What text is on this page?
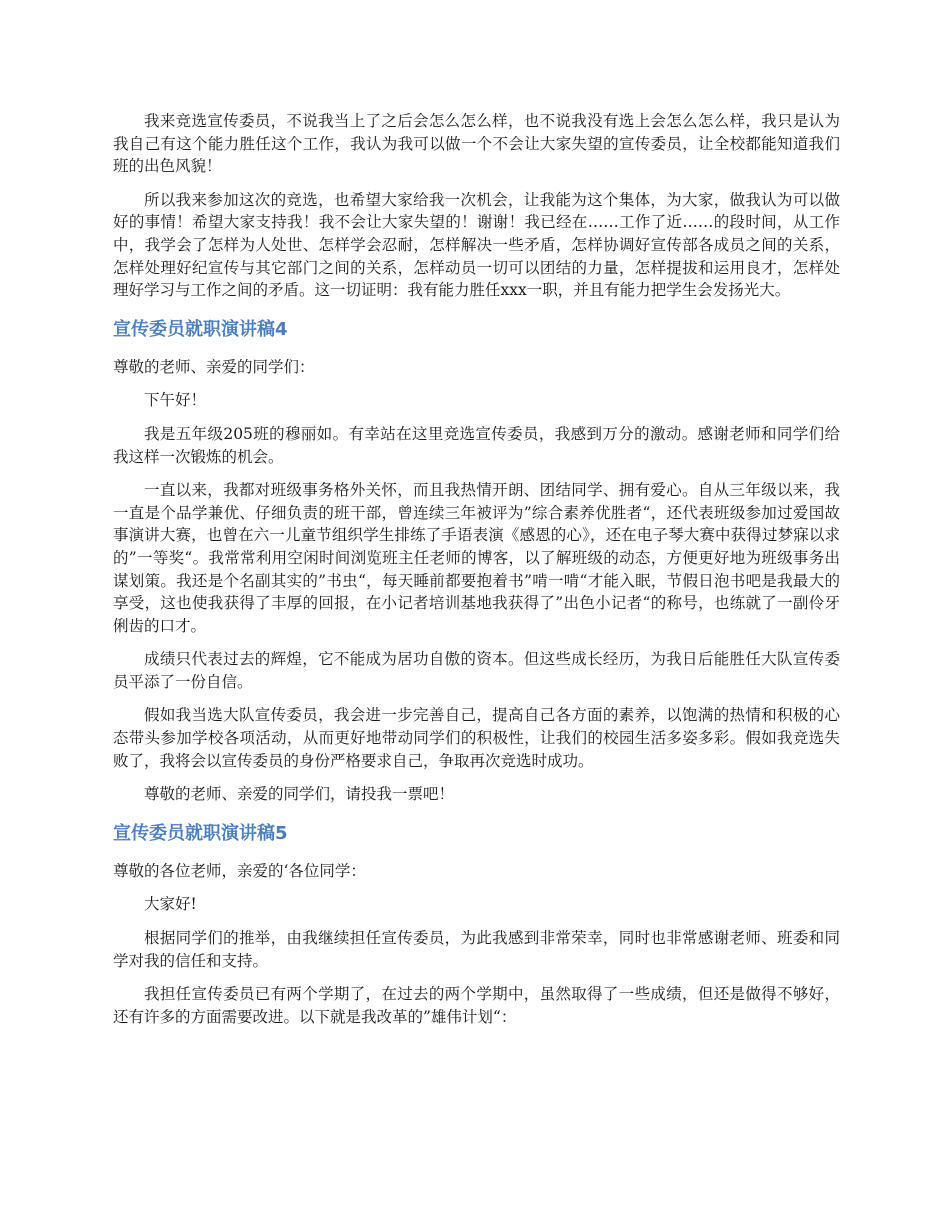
我来竞选宣传委员，不说我当上了之后会怎么怎么样，也不说我没有选上会怎么怎么样，我只是认为我自己有这个能力胜任这个工作，我认为我可以做一个不会让大家失望的宣传委员，让全校都能知道我们班的出色风貌！

所以我来参加这次的竞选，也希望大家给我一次机会，让我能为这个集体，为大家，做我认为可以做好的事情！希望大家支持我！我不会让大家失望的！谢谢！我已经在……工作了近……的段时间，从工作中，我学会了怎样为人处世、怎样学会忍耐，怎样解决一些矛盾，怎样协调好宣传部各成员之间的关系，怎样处理好纪宣传与其它部门之间的关系，怎样动员一切可以团结的力量，怎样提拔和运用良才，怎样处理好学习与工作之间的矛盾。这一切证明：我有能力胜任xxx一职，并且有能力把学生会发扬光大。

宣传委员就职演讲稿4

尊敬的老师、亲爱的同学们：

下午好！

我是五年级205班的穆丽如。有幸站在这里竞选宣传委员，我感到万分的激动。感谢老师和同学们给我这样一次锻炼的机会。

一直以来，我都对班级事务格外关怀，而且我热情开朗、团结同学、拥有爱心。自从三年级以来，我一直是个品学兼优、仔细负责的班干部，曾连续三年被评为”综合素养优胜者“，还代表班级参加过爱国故事演讲大赛，也曾在六一儿童节组织学生排练了手语表演《感恩的心》，还在电子琴大赛中获得过梦寐以求的”一等奖“。我常常利用空闲时间浏览班主任老师的博客，以了解班级的动态，方便更好地为班级事务出谋划策。我还是个名副其实的”书虫“，每天睡前都要抱着书”啃一啃“才能入眠，节假日泡书吧是我最大的享受，这也使我获得了丰厚的回报，在小记者培训基地我获得了”出色小记者“的称号，也练就了一副伶牙俐齿的口才。

成绩只代表过去的辉煌，它不能成为居功自傲的资本。但这些成长经历，为我日后能胜任大队宣传委员平添了一份自信。

假如我当选大队宣传委员，我会进一步完善自己，提高自己各方面的素养，以饱满的热情和积极的心态带头参加学校各项活动，从而更好地带动同学们的积极性，让我们的校园生活多姿多彩。假如我竞选失败了，我将会以宣传委员的身份严格要求自己，争取再次竞选时成功。

尊敬的老师、亲爱的同学们，请投我一票吧！

宣传委员就职演讲稿5

尊敬的各位老师，亲爱的‘各位同学：

大家好!

根据同学们的推举，由我继续担任宣传委员，为此我感到非常荣幸，同时也非常感谢老师、班委和同学对我的信任和支持。

我担任宣传委员已有两个学期了，在过去的两个学期中，虽然取得了一些成绩，但还是做得不够好，还有许多的方面需要改进。以下就是我改革的”雄伟计划“：
